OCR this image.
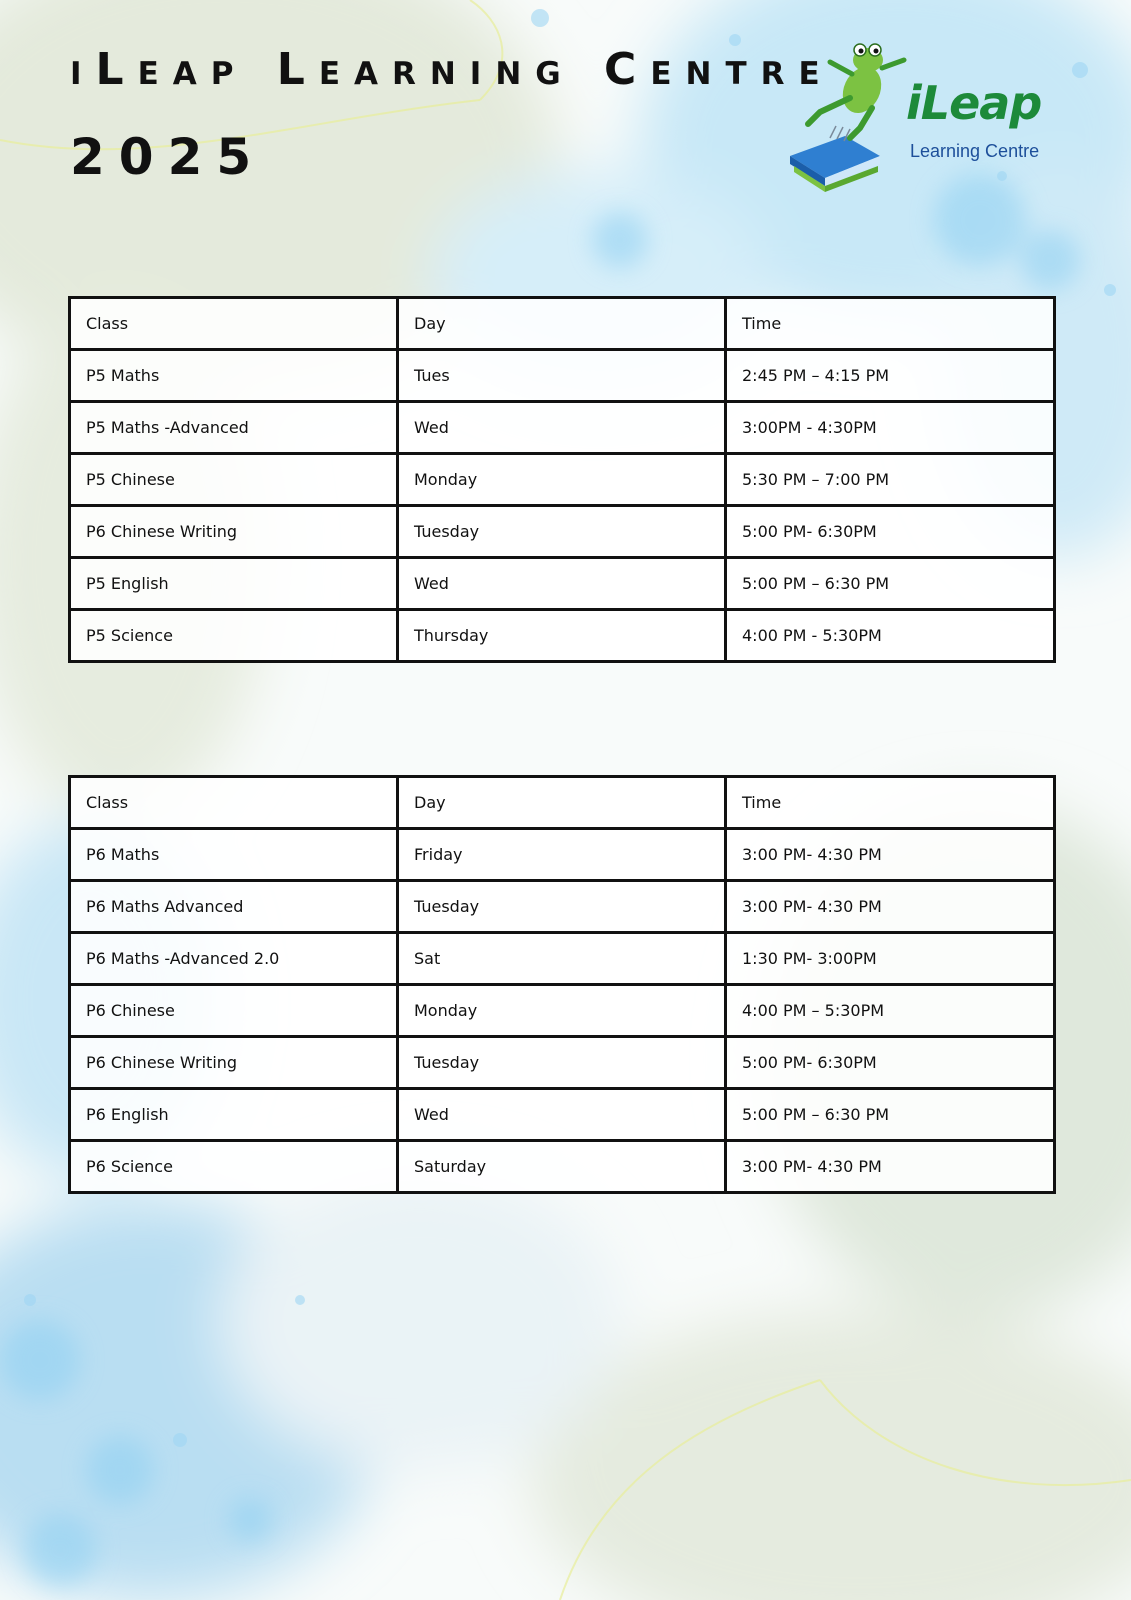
iLeap Learning Centre
2025
iLeap
Learning Centre
Class	Day	Time
P5 Maths	Tues	2:45 PM – 4:15 PM
P5 Maths -Advanced	Wed	3:00PM - 4:30PM
P5 Chinese	Monday	5:30 PM – 7:00 PM
P6 Chinese Writing	Tuesday	5:00 PM- 6:30PM
P5 English	Wed	5:00 PM – 6:30 PM
P5 Science	Thursday	4:00 PM - 5:30PM
Class	Day	Time
P6 Maths	Friday	3:00 PM- 4:30 PM
P6 Maths Advanced	Tuesday	3:00 PM- 4:30 PM
P6 Maths -Advanced 2.0	Sat	1:30 PM- 3:00PM
P6 Chinese	Monday	4:00 PM – 5:30PM
P6 Chinese Writing	Tuesday	5:00 PM- 6:30PM
P6 English	Wed	5:00 PM – 6:30 PM
P6 Science	Saturday	3:00 PM- 4:30 PM
